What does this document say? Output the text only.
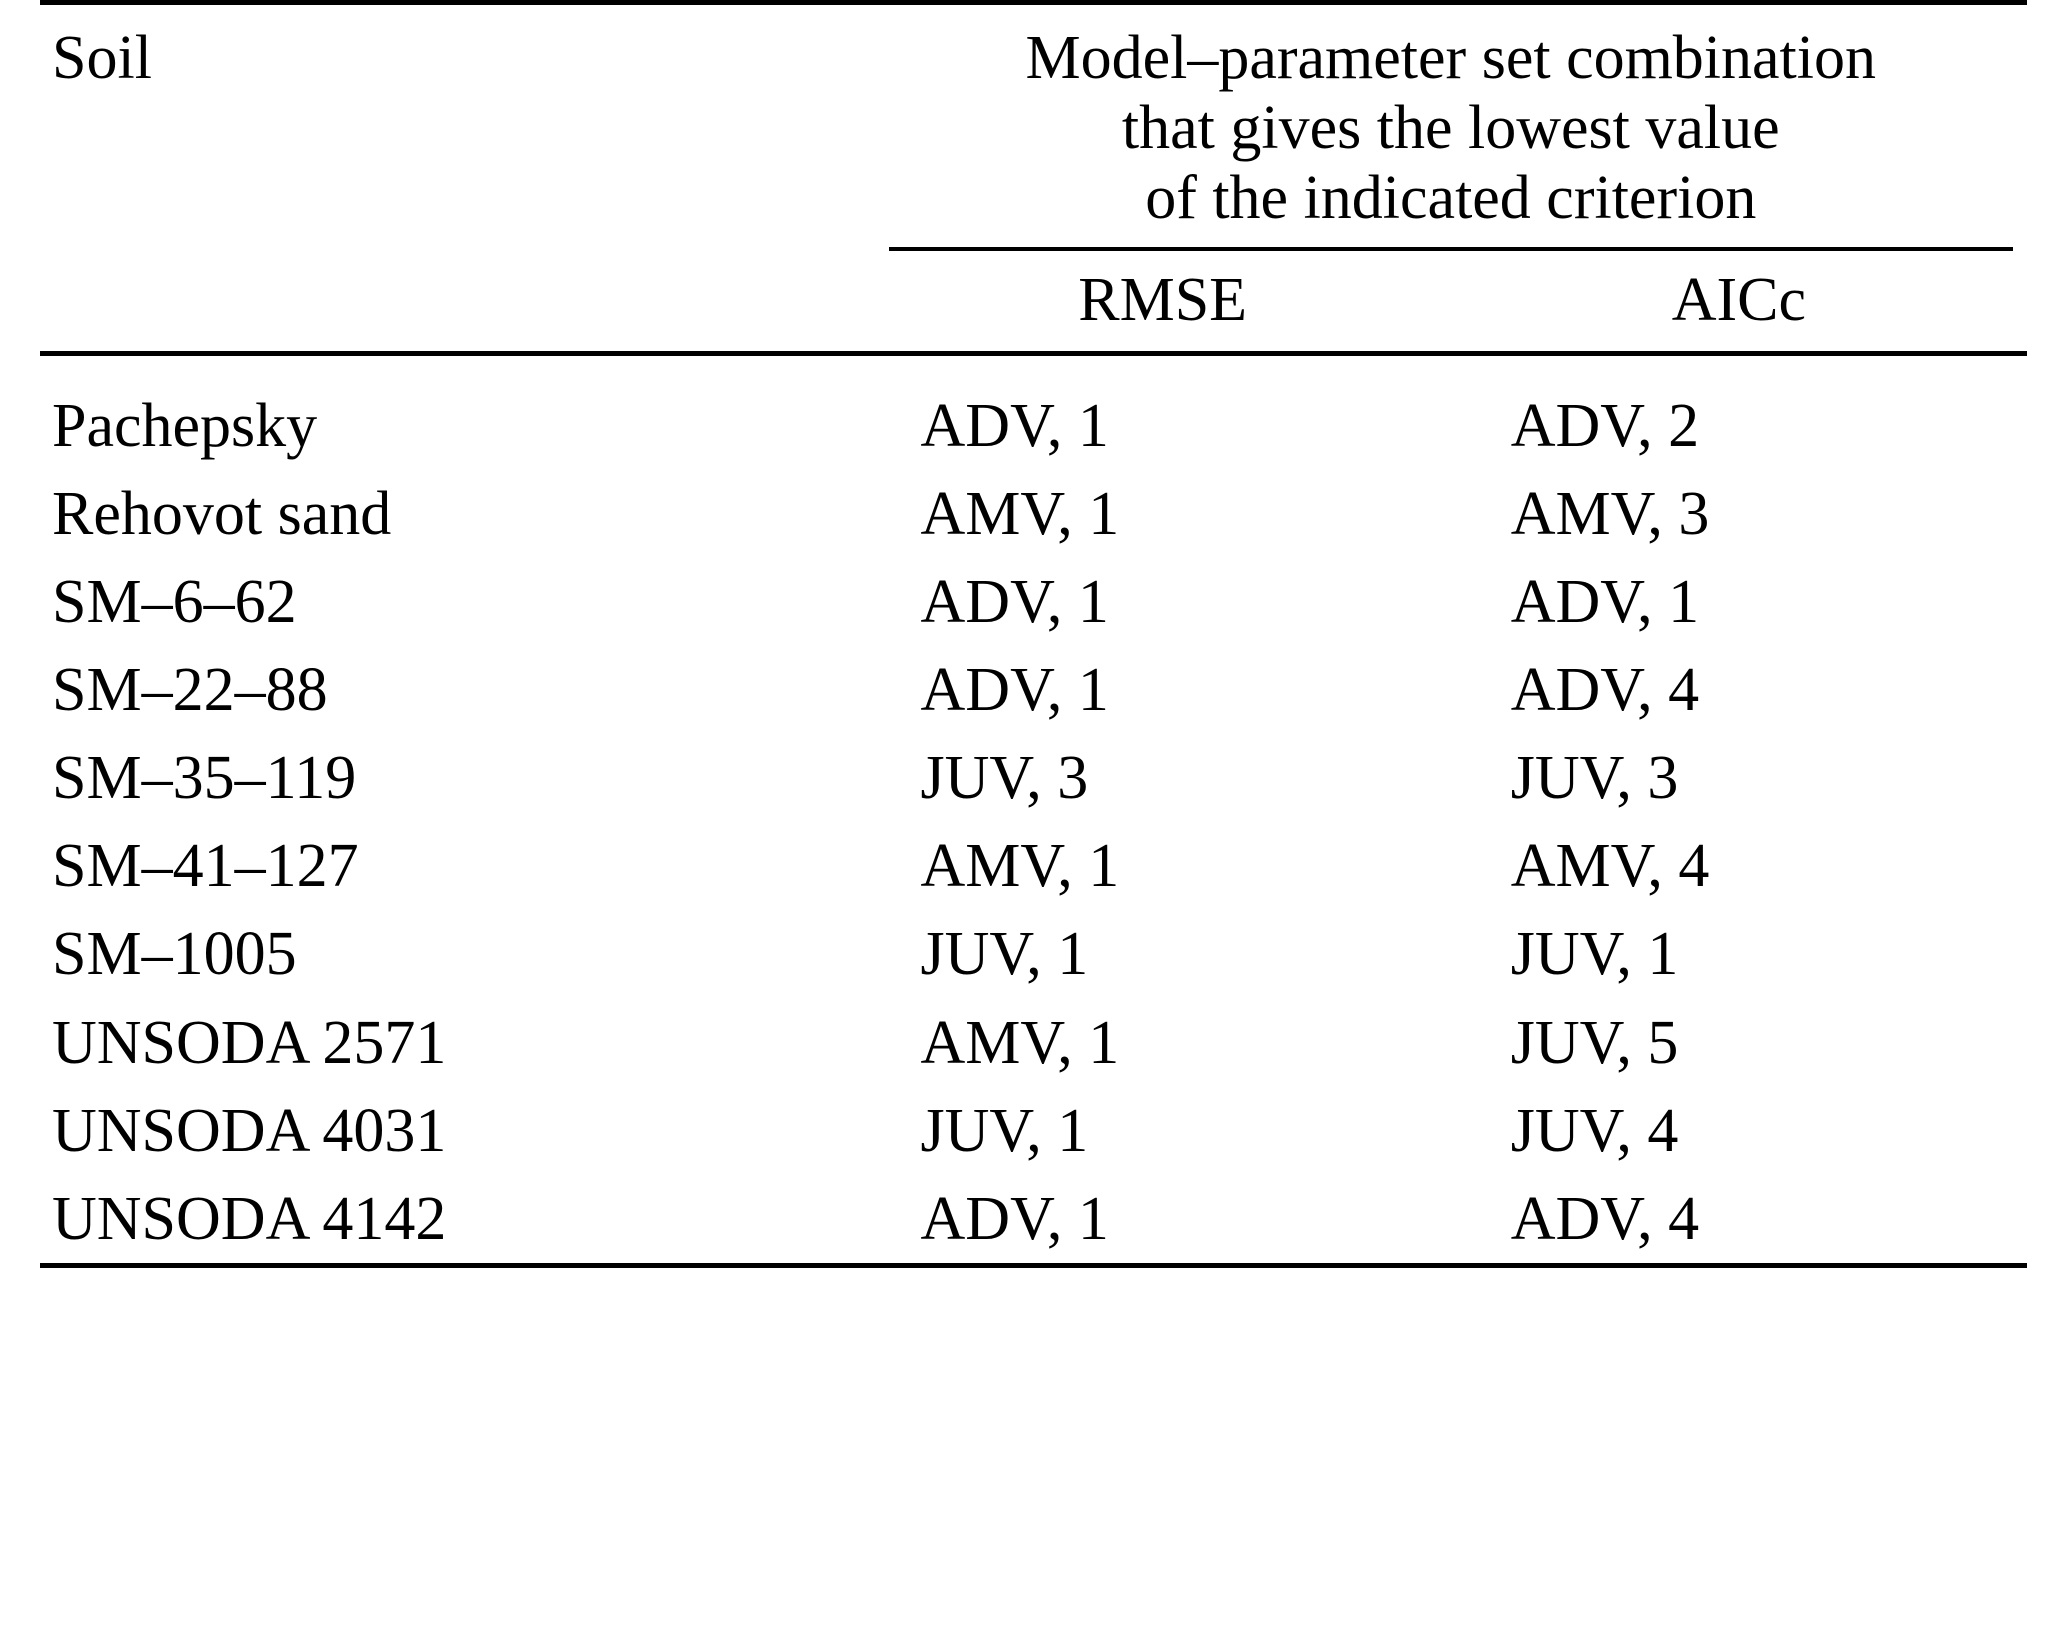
Soil	Model–parameter set combination
that gives the lowest value
of the indicated criterion	

	RMSE	AICc

Pachepsky	ADV, 1	ADV, 2
Rehovot sand	AMV, 1	AMV, 3
SM–6–62	ADV, 1	ADV, 1
SM–22–88	ADV, 1	ADV, 4
SM–35–119	JUV, 3	JUV, 3
SM–41–127	AMV, 1	AMV, 4
SM–1005	JUV, 1	JUV, 1
UNSODA 2571	AMV, 1	JUV, 5
UNSODA 4031	JUV, 1	JUV, 4
UNSODA 4142	ADV, 1	ADV, 4
